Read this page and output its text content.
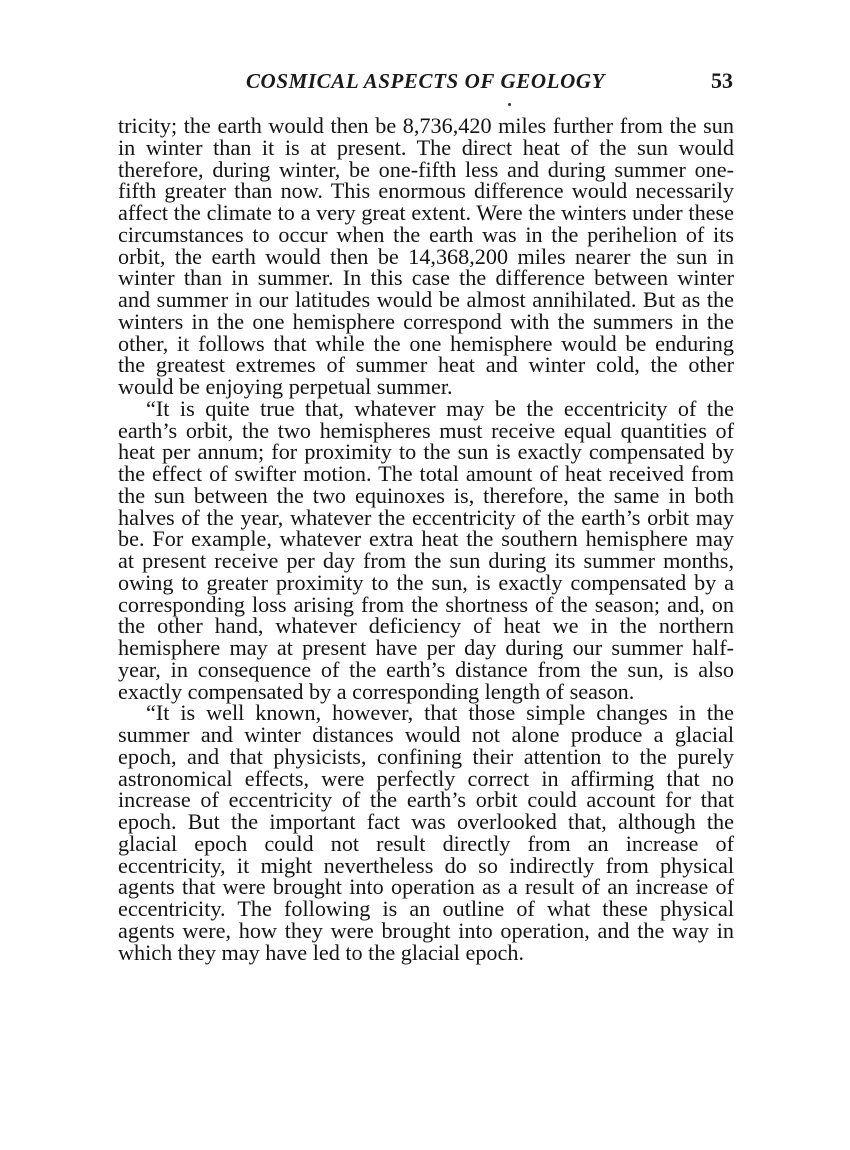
COSMICAL ASPECTS OF GEOLOGY	53

tricity; the earth would then be 8,736,420 miles further from the sun in winter than it is at present. The direct heat of the sun would therefore, during winter, be one-fifth less and during summer one-fifth greater than now. This enormous difference would necessarily affect the climate to a very great extent. Were the winters under these circumstances to occur when the earth was in the perihelion of its orbit, the earth would then be 14,368,200 miles nearer the sun in winter than in summer. In this case the difference between winter and summer in our latitudes would be almost annihilated. But as the winters in the one hemisphere correspond with the summers in the other, it follows that while the one hemisphere would be enduring the greatest extremes of summer heat and winter cold, the other would be enjoying perpetual summer.

“It is quite true that, whatever may be the eccentricity of the earth’s orbit, the two hemispheres must receive equal quantities of heat per annum; for proximity to the sun is exactly compensated by the effect of swifter motion. The total amount of heat received from the sun between the two equinoxes is, therefore, the same in both halves of the year, whatever the eccentricity of the earth’s orbit may be. For example, whatever extra heat the southern hemisphere may at present receive per day from the sun during its summer months, owing to greater proximity to the sun, is exactly compensated by a corresponding loss arising from the shortness of the season; and, on the other hand, whatever deficiency of heat we in the northern hemisphere may at present have per day during our summer half-year, in consequence of the earth’s distance from the sun, is also exactly compensated by a corresponding length of season.

“It is well known, however, that those simple changes in the summer and winter distances would not alone produce a glacial epoch, and that physicists, confining their attention to the purely astronomical effects, were perfectly correct in affirming that no increase of eccentricity of the earth’s orbit could account for that epoch. But the important fact was overlooked that, although the glacial epoch could not result directly from an increase of eccentricity, it might nevertheless do so indirectly from physical agents that were brought into operation as a result of an increase of eccentricity. The following is an outline of what these physical agents were, how they were brought into operation, and the way in which they may have led to the glacial epoch.
